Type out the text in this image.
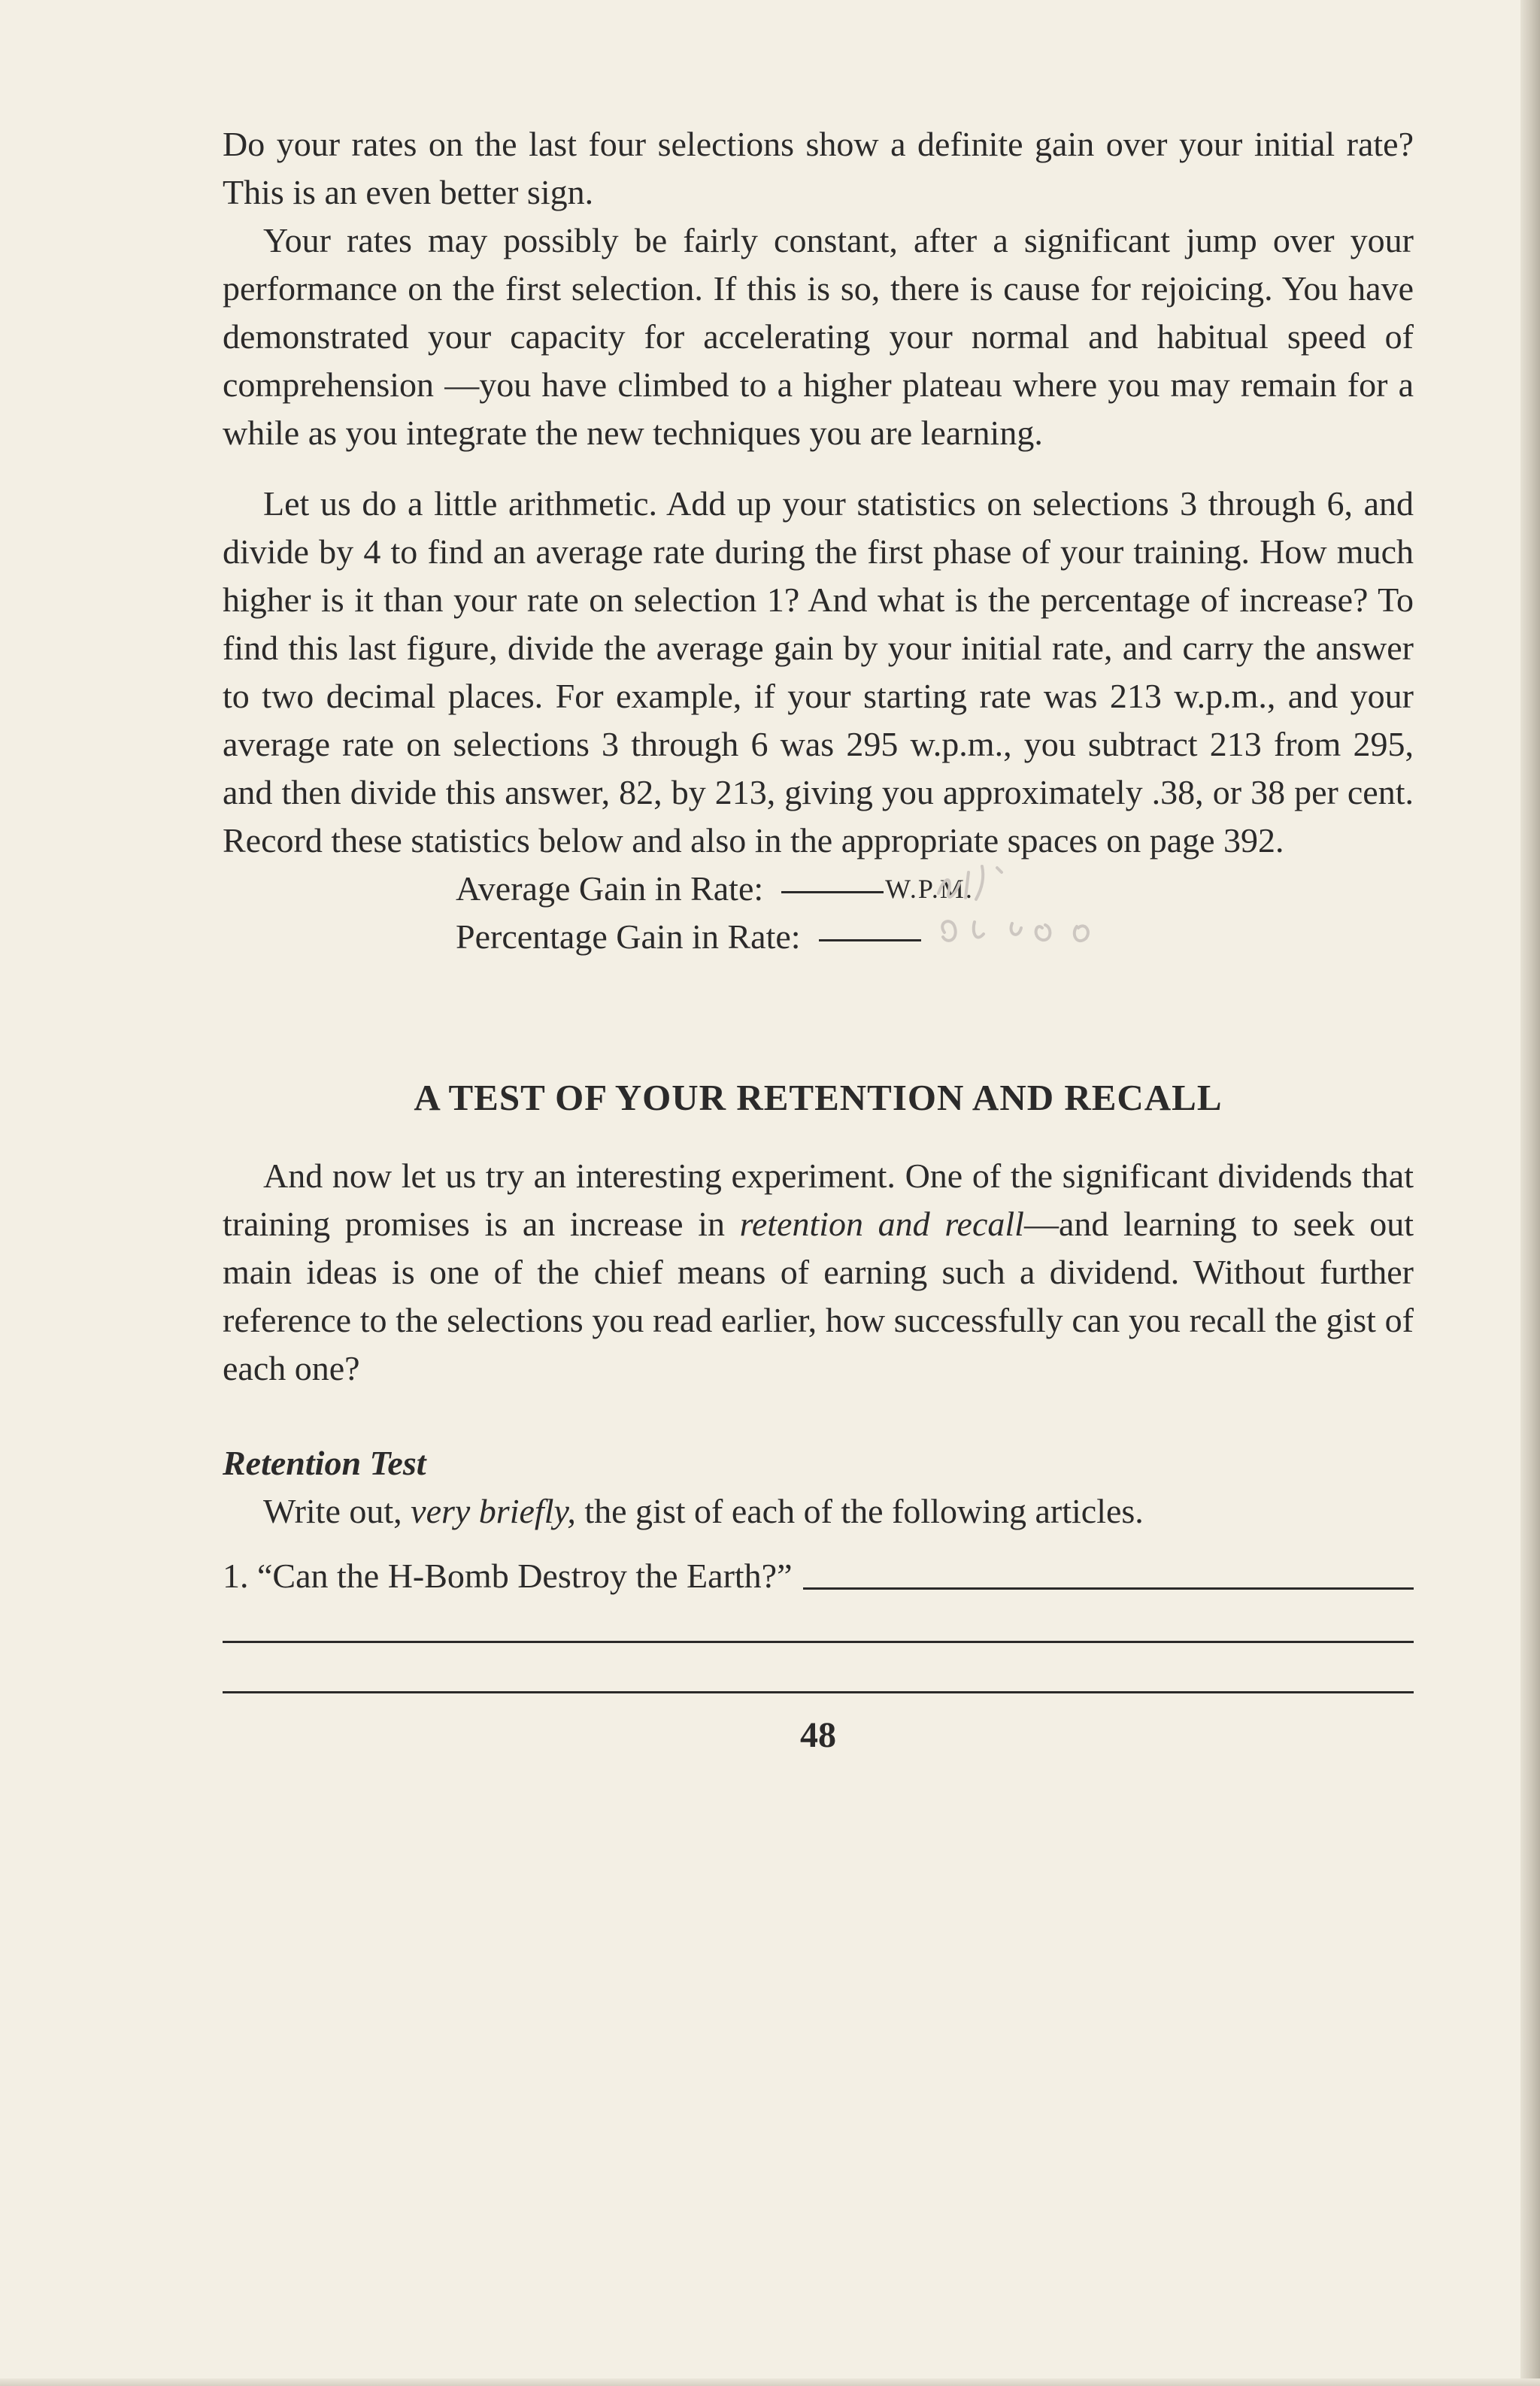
Do your rates on the last four selections show a definite gain over your initial rate? This is an even better sign.

Your rates may possibly be fairly constant, after a significant jump over your performance on the first selection. If this is so, there is cause for rejoicing. You have demonstrated your capacity for accelerating your normal and habitual speed of comprehension —you have climbed to a higher plateau where you may remain for a while as you integrate the new techniques you are learning.

Let us do a little arithmetic. Add up your statistics on selections 3 through 6, and divide by 4 to find an average rate during the first phase of your training. How much higher is it than your rate on selection 1? And what is the percentage of increase? To find this last figure, divide the average gain by your initial rate, and carry the answer to two decimal places. For example, if your starting rate was 213 w.p.m., and your average rate on selections 3 through 6 was 295 w.p.m., you subtract 213 from 295, and then divide this answer, 82, by 213, giving you approximately .38, or 38 per cent. Record these statistics below and also in the appropriate spaces on page 392.

Average Gain in Rate:	W.P.M.
Percentage Gain in Rate:
A TEST OF YOUR RETENTION AND RECALL

And now let us try an interesting experiment. One of the significant dividends that training promises is an increase in retention and recall—and learning to seek out main ideas is one of the chief means of earning such a dividend. Without further reference to the selections you read earlier, how successfully can you recall the gist of each one?

Retention Test

Write out, very briefly, the gist of each of the following articles.

1. “Can the H-Bomb Destroy the Earth?”
48
